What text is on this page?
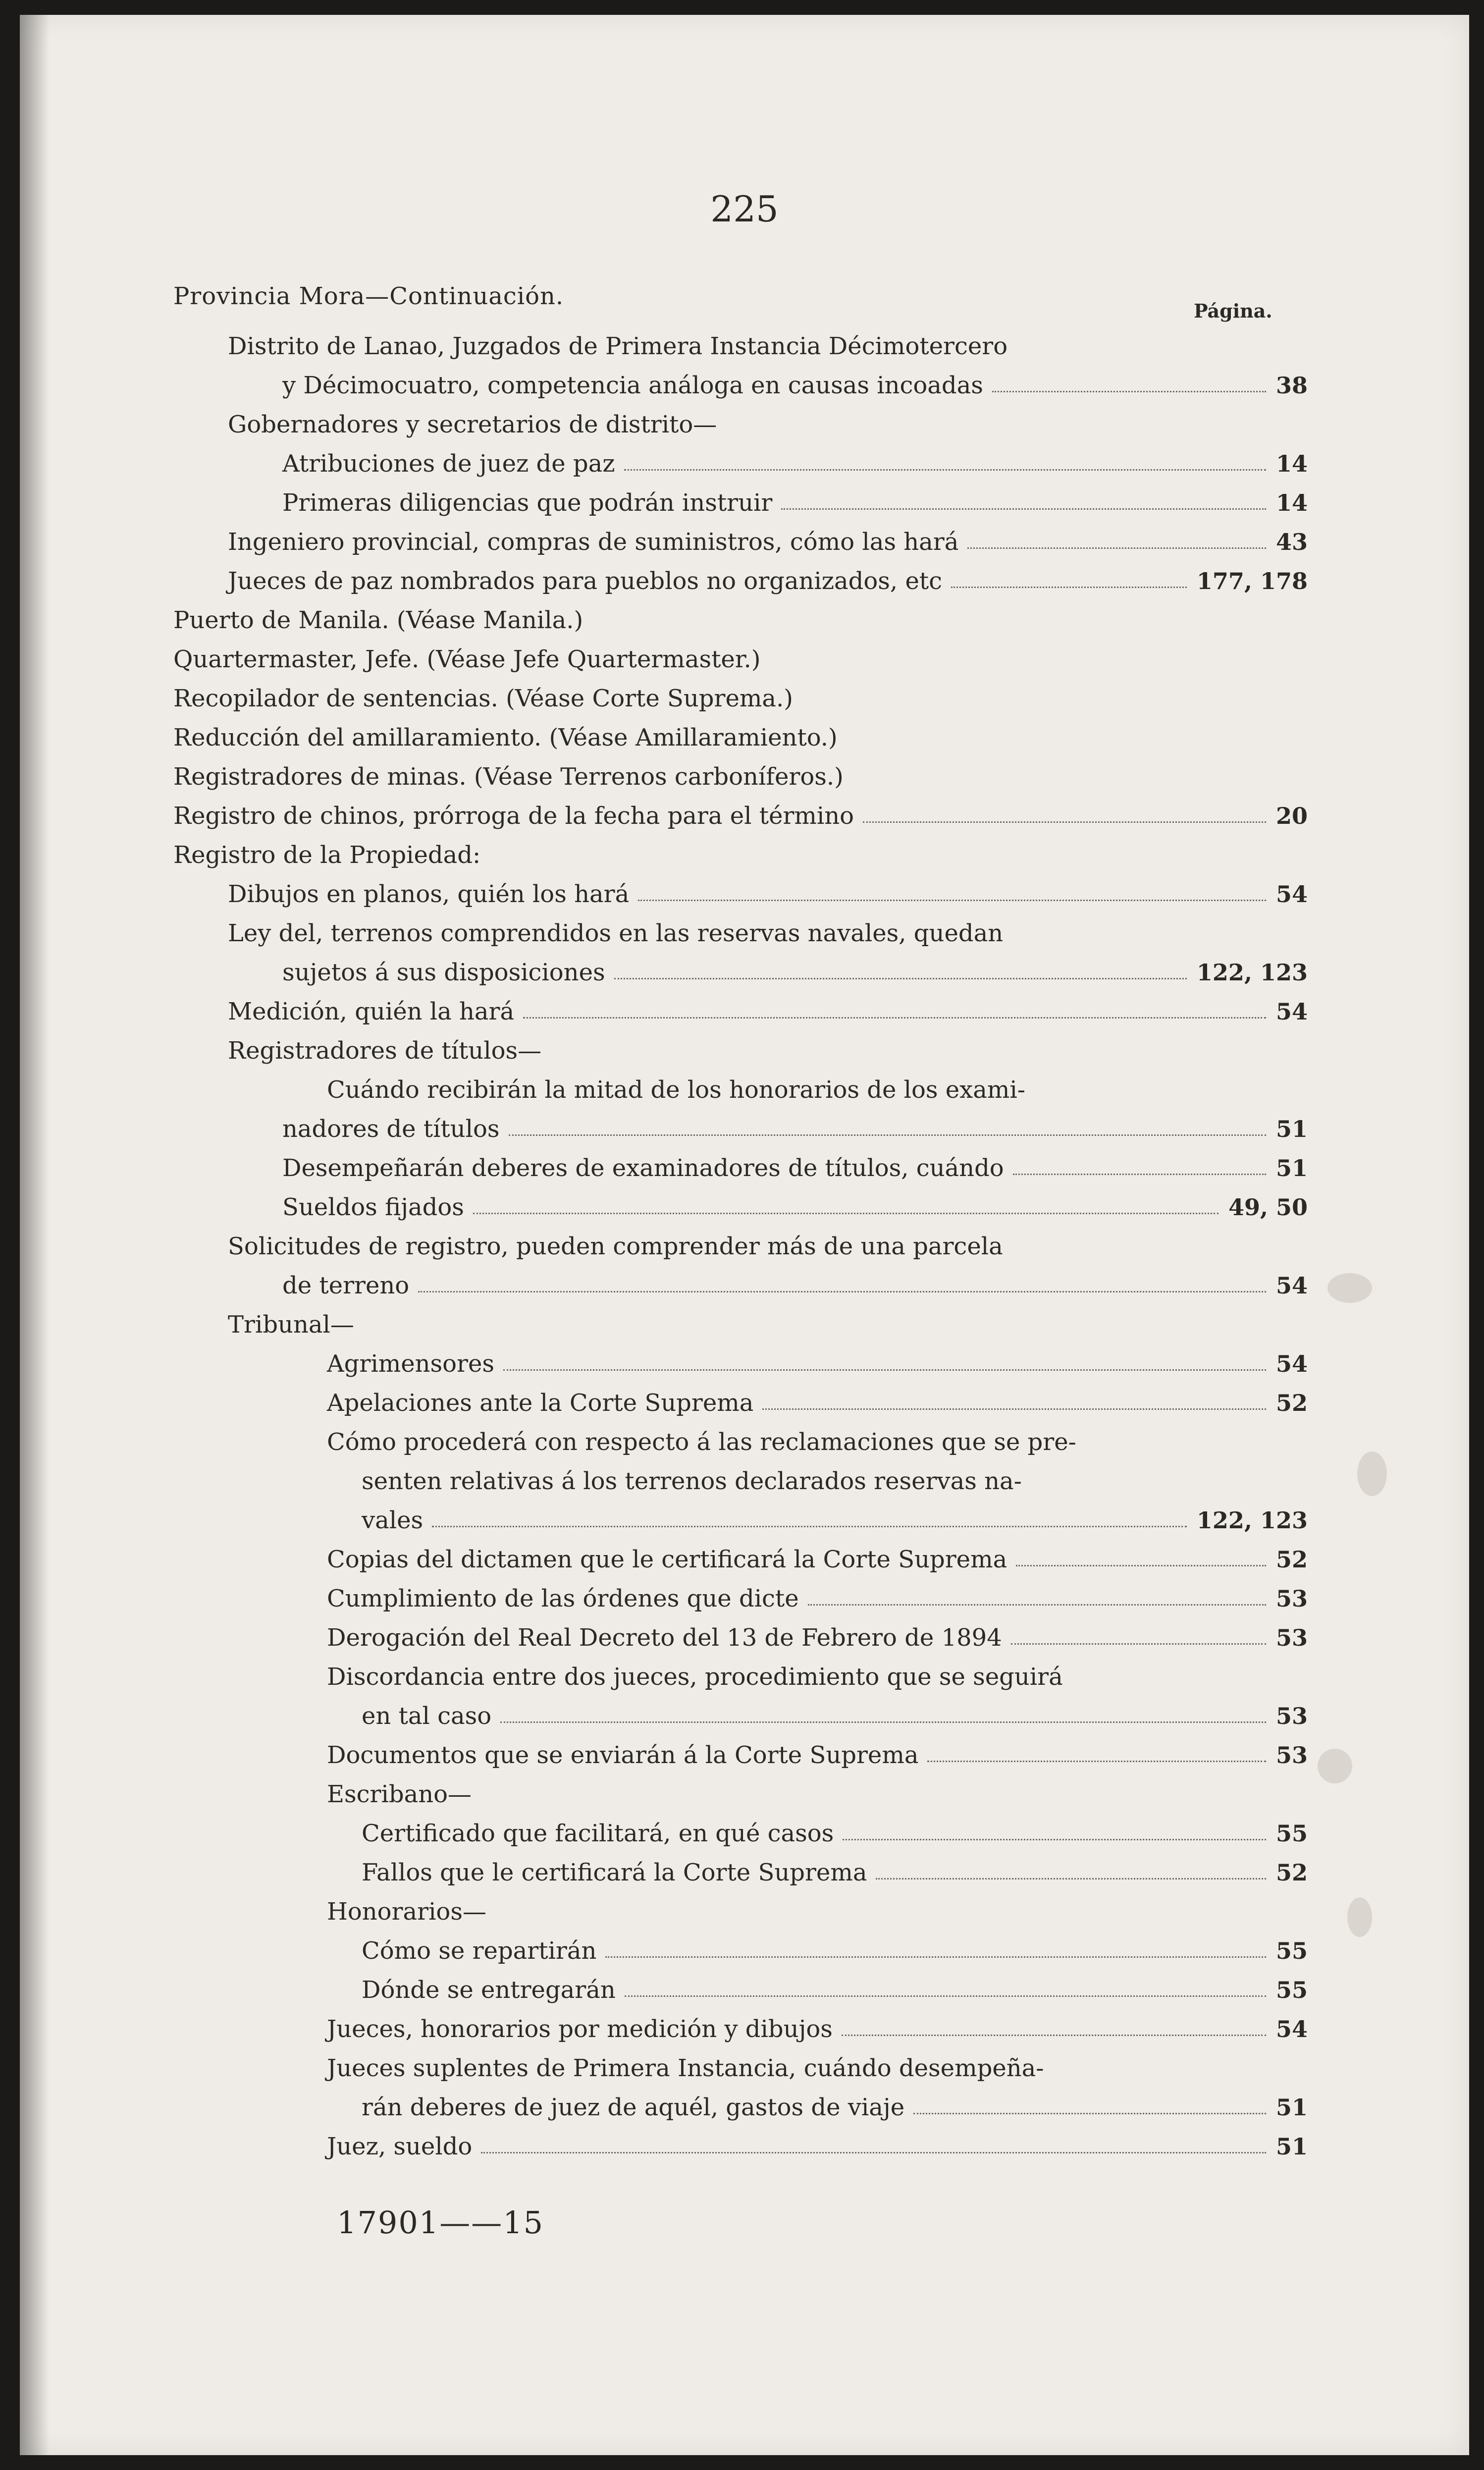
225
Provincia Mora—Continuación.
Página.
Distrito de Lanao, Juzgados de Primera Instancia Décimotercero
y Décimocuatro, competencia análoga en causas incoadas	38
Gobernadores y secretarios de distrito—
Atribuciones de juez de paz	14
Primeras diligencias que podrán instruir	14
Ingeniero provincial, compras de suministros, cómo las hará	43
Jueces de paz nombrados para pueblos no organizados, etc	177, 178
Puerto de Manila. (Véase Manila.)
Quartermaster, Jefe. (Véase Jefe Quartermaster.)
Recopilador de sentencias. (Véase Corte Suprema.)
Reducción del amillaramiento. (Véase Amillaramiento.)
Registradores de minas. (Véase Terrenos carboníferos.)
Registro de chinos, prórroga de la fecha para el término	20
Registro de la Propiedad:
Dibujos en planos, quién los hará	54
Ley del, terrenos comprendidos en las reservas navales, quedan
sujetos á sus disposiciones	122, 123
Medición, quién la hará	54
Registradores de títulos—
Cuándo recibirán la mitad de los honorarios de los exami-
nadores de títulos	51
Desempeñarán deberes de examinadores de títulos, cuándo	51
Sueldos fijados	49, 50
Solicitudes de registro, pueden comprender más de una parcela
de terreno	54
Tribunal—
Agrimensores	54
Apelaciones ante la Corte Suprema	52
Cómo procederá con respecto á las reclamaciones que se pre-
senten relativas á los terrenos declarados reservas na-
vales	122, 123
Copias del dictamen que le certificará la Corte Suprema	52
Cumplimiento de las órdenes que dicte	53
Derogación del Real Decreto del 13 de Febrero de 1894	53
Discordancia entre dos jueces, procedimiento que se seguirá
en tal caso	53
Documentos que se enviarán á la Corte Suprema	53
Escribano—
Certificado que facilitará, en qué casos	55
Fallos que le certificará la Corte Suprema	52
Honorarios—
Cómo se repartirán	55
Dónde se entregarán	55
Jueces, honorarios por medición y dibujos	54
Jueces suplentes de Primera Instancia, cuándo desempeña-
rán deberes de juez de aquél, gastos de viaje	51
Juez, sueldo	51
17901——15
